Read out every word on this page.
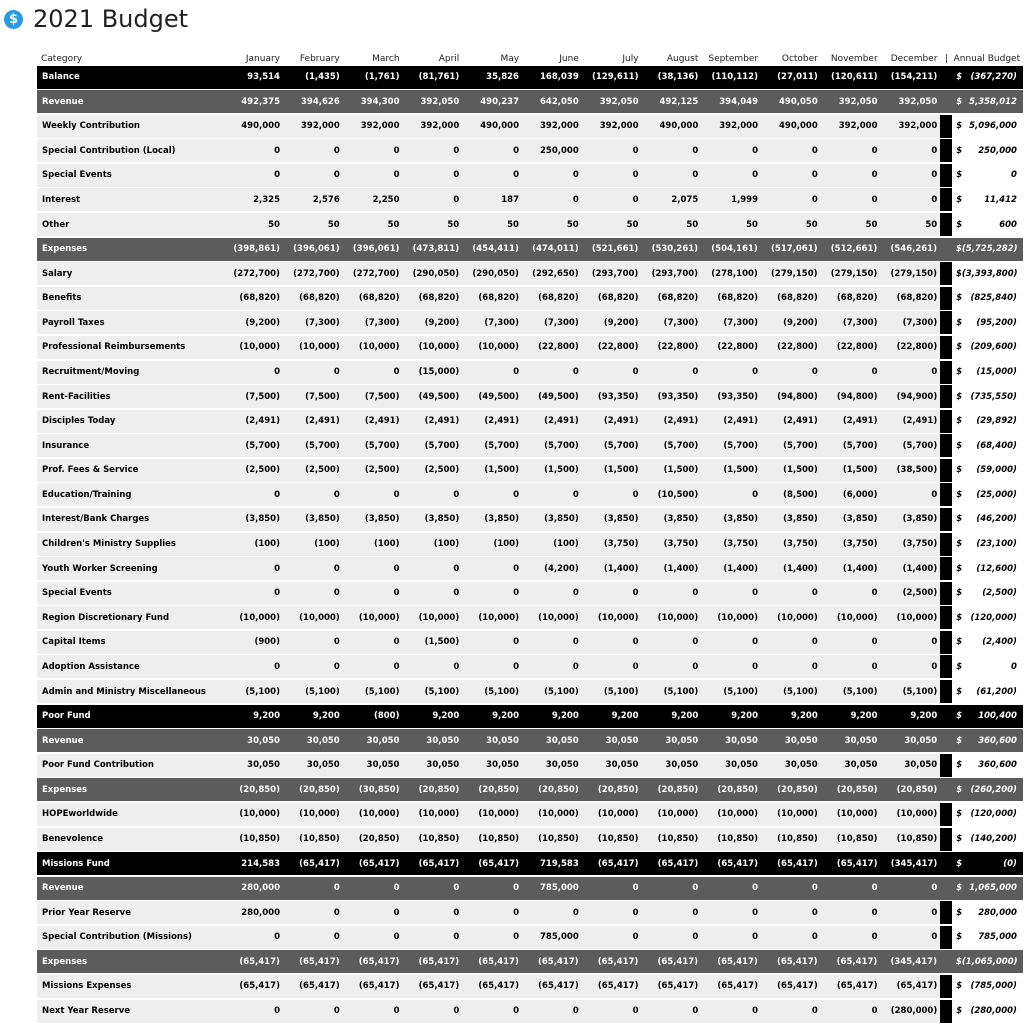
$ 2021 Budget
Category	January	February	March	April	May	June	July	August	September	October	November	December | Annual Budget
Balance	93,514	(1,435)	(1,761)	(81,761)	35,826	168,039	(129,611)	(38,136)	(110,112)	(27,011)	(120,611)	(154,211)	$ (367,270)
Revenue	492,375	394,626	394,300	392,050	490,237	642,050	392,050	492,125	394,049	490,050	392,050	392,050	$ 5,358,012
Weekly Contribution	490,000	392,000	392,000	392,000	490,000	392,000	392,000	490,000	392,000	490,000	392,000	392,000	$ 5,096,000
Special Contribution (Local)	0	0	0	0	0	250,000	0	0	0	0	0	0	$ 250,000
Special Events	0	0	0	0	0	0	0	0	0	0	0	0	$	0
Interest	2,325	2,576	2,250	0	187	0	0	2,075	1,999	0	0	0	$	11,412
Other	50	50	50	50	50	50	50	50	50	50	50	50	$	600
Expenses	(398,861)	(396,061)	(396,061)	(473,811)	(454,411)	(474,011)	(521,661)	(530,261)	(504,161)	(517,061)	(512,661)	(546,261)	$ (5,725,282)
Salary	(272,700)	(272,700)	(272,700)	(290,050)	(290,050)	(292,650)	(293,700)	(293,700)	(278,100)	(279,150)	(279,150)	(279,150)	$ (3,393,800)
Benefits	(68,820)	(68,820)	(68,820)	(68,820)	(68,820)	(68,820)	(68,820)	(68,820)	(68,820)	(68,820)	(68,820)	(68,820)	$ (825,840)
Payroll Taxes	(9,200)	(7,300)	(7,300)	(9,200)	(7,300)	(7,300)	(9,200)	(7,300)	(7,300)	(9,200)	(7,300)	(7,300)	$ (95,200)
Professional Reimbursements	(10,000)	(10,000)	(10,000)	(10,000)	(10,000)	(22,800)	(22,800)	(22,800)	(22,800)	(22,800)	(22,800)	(22,800)	$ (209,600)
Recruitment/Moving	0	0	0	(15,000)	0	0	0	0	0	0	0	0	$ (15,000)
Rent-Facilities	(7,500)	(7,500)	(7,500)	(49,500)	(49,500)	(49,500)	(93,350)	(93,350)	(93,350)	(94,800)	(94,800)	(94,900)	$ (735,550)
Disciples Today	(2,491)	(2,491)	(2,491)	(2,491)	(2,491)	(2,491)	(2,491)	(2,491)	(2,491)	(2,491)	(2,491)	(2,491)	$ (29,892)
Insurance	(5,700)	(5,700)	(5,700)	(5,700)	(5,700)	(5,700)	(5,700)	(5,700)	(5,700)	(5,700)	(5,700)	(5,700)	$ (68,400)
Prof. Fees & Service	(2,500)	(2,500)	(2,500)	(2,500)	(1,500)	(1,500)	(1,500)	(1,500)	(1,500)	(1,500)	(1,500)	(38,500)	$ (59,000)
Education/Training	0	0	0	0	0	0	0	(10,500)	0	(8,500)	(6,000)	0	$ (25,000)
Interest/Bank Charges	(3,850)	(3,850)	(3,850)	(3,850)	(3,850)	(3,850)	(3,850)	(3,850)	(3,850)	(3,850)	(3,850)	(3,850)	$ (46,200)
Children's Ministry Supplies	(100)	(100)	(100)	(100)	(100)	(100)	(3,750)	(3,750)	(3,750)	(3,750)	(3,750)	(3,750)	$ (23,100)
Youth Worker Screening	0	0	0	0	0	(4,200)	(1,400)	(1,400)	(1,400)	(1,400)	(1,400)	(1,400)	$ (12,600)
Special Events	0	0	0	0	0	0	0	0	0	0	0	(2,500)	$ (2,500)
Region Discretionary Fund	(10,000)	(10,000)	(10,000)	(10,000)	(10,000)	(10,000)	(10,000)	(10,000)	(10,000)	(10,000)	(10,000)	(10,000)	$ (120,000)
Capital Items	(900)	0	0	(1,500)	0	0	0	0	0	0	0	0	$ (2,400)
Adoption Assistance	0	0	0	0	0	0	0	0	0	0	0	0	$	0
Admin and Ministry Miscellaneous	(5,100)	(5,100)	(5,100)	(5,100)	(5,100)	(5,100)	(5,100)	(5,100)	(5,100)	(5,100)	(5,100)	(5,100)	$ (61,200)
Poor Fund	9,200	9,200	(800)	9,200	9,200	9,200	9,200	9,200	9,200	9,200	9,200	9,200	$ 100,400
Revenue	30,050	30,050	30,050	30,050	30,050	30,050	30,050	30,050	30,050	30,050	30,050	30,050	$ 360,600
Poor Fund Contribution	30,050	30,050	30,050	30,050	30,050	30,050	30,050	30,050	30,050	30,050	30,050	30,050	$ 360,600
Expenses	(20,850)	(20,850)	(30,850)	(20,850)	(20,850)	(20,850)	(20,850)	(20,850)	(20,850)	(20,850)	(20,850)	(20,850)	$ (260,200)
HOPEworldwide	(10,000)	(10,000)	(10,000)	(10,000)	(10,000)	(10,000)	(10,000)	(10,000)	(10,000)	(10,000)	(10,000)	(10,000)	$ (120,000)
Benevolence	(10,850)	(10,850)	(20,850)	(10,850)	(10,850)	(10,850)	(10,850)	(10,850)	(10,850)	(10,850)	(10,850)	(10,850)	$ (140,200)
Missions Fund	214,583	(65,417)	(65,417)	(65,417)	(65,417)	719,583	(65,417)	(65,417)	(65,417)	(65,417)	(65,417)	(345,417)	$	(0)
Revenue	280,000	0	0	0	0	785,000	0	0	0	0	0	0	$ 1,065,000
Prior Year Reserve	280,000	0	0	0	0	0	0	0	0	0	0	0	$ 280,000
Special Contribution (Missions)	0	0	0	0	0	785,000	0	0	0	0	0	0	$ 785,000
Expenses	(65,417)	(65,417)	(65,417)	(65,417)	(65,417)	(65,417)	(65,417)	(65,417)	(65,417)	(65,417)	(65,417)	(345,417)	$ (1,065,000)
Missions Expenses	(65,417)	(65,417)	(65,417)	(65,417)	(65,417)	(65,417)	(65,417)	(65,417)	(65,417)	(65,417)	(65,417)	(65,417)	$ (785,000)
Next Year Reserve	0	0	0	0	0	0	0	0	0	0	0	(280,000)	$ (280,000)
